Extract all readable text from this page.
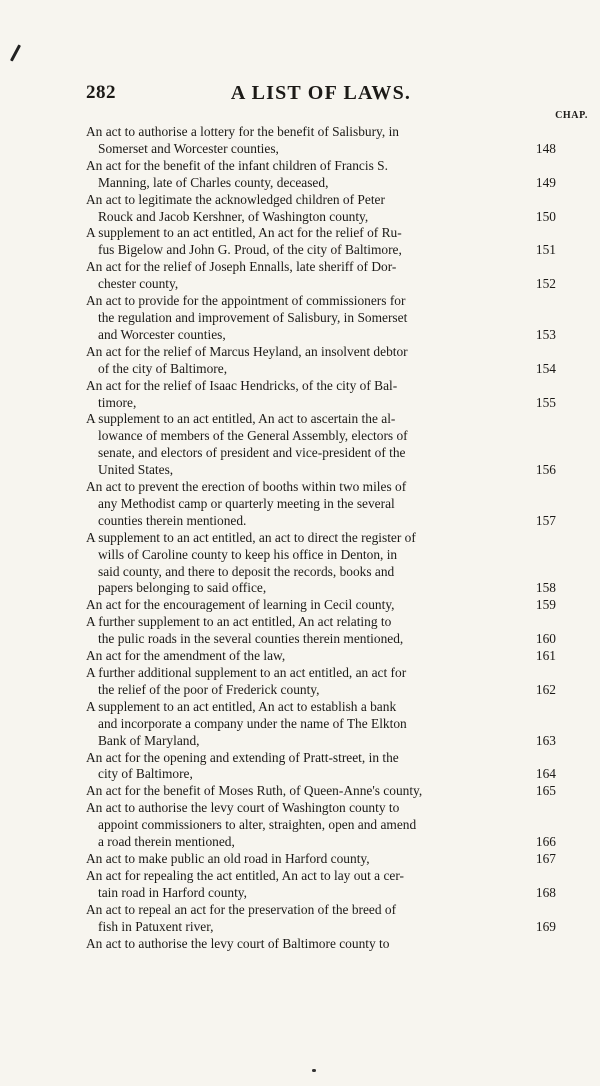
282	A LIST OF LAWS.
CHAP.
An act to authorise a lottery for the benefit of Salisbury, in
Somerset and Worcester counties,	148
An act for the benefit of the infant children of Francis S.
Manning, late of Charles county, deceased,	149
An act to legitimate the acknowledged children of Peter
Rouck and Jacob Kershner, of Washington county,	150
A supplement to an act entitled, An act for the relief of Ru-
fus Bigelow and John G. Proud, of the city of Baltimore,	151
An act for the relief of Joseph Ennalls, late sheriff of Dor-
chester county,	152
An act to provide for the appointment of commissioners for
the regulation and improvement of Salisbury, in Somerset
and Worcester counties,	153
An act for the relief of Marcus Heyland, an insolvent debtor
of the city of Baltimore,	154
An act for the relief of Isaac Hendricks, of the city of Bal-
timore,	155
A supplement to an act entitled, An act to ascertain the al-
lowance of members of the General Assembly, electors of
senate, and electors of president and vice-president of the
United States,	156
An act to prevent the erection of booths within two miles of
any Methodist camp or quarterly meeting in the several
counties therein mentioned.	157
A supplement to an act entitled, an act to direct the register of
wills of Caroline county to keep his office in Denton, in
said county, and there to deposit the records, books and
papers belonging to said office,	158
An act for the encouragement of learning in Cecil county,	159
A further supplement to an act entitled, An act relating to
the pulic roads in the several counties therein mentioned,	160
An act for the amendment of the law,	161
A further additional supplement to an act entitled, an act for
the relief of the poor of Frederick county,	162
A supplement to an act entitled, An act to establish a bank
and incorporate a company under the name of The Elkton
Bank of Maryland,	163
An act for the opening and extending of Pratt-street, in the
city of Baltimore,	164
An act for the benefit of Moses Ruth, of Queen-Anne's county,	165
An act to authorise the levy court of Washington county to
appoint commissioners to alter, straighten, open and amend
a road therein mentioned,	166
An act to make public an old road in Harford county,	167
An act for repealing the act entitled, An act to lay out a cer-
tain road in Harford county,	168
An act to repeal an act for the preservation of the breed of
fish in Patuxent river,	169
An act to authorise the levy court of Baltimore county to
